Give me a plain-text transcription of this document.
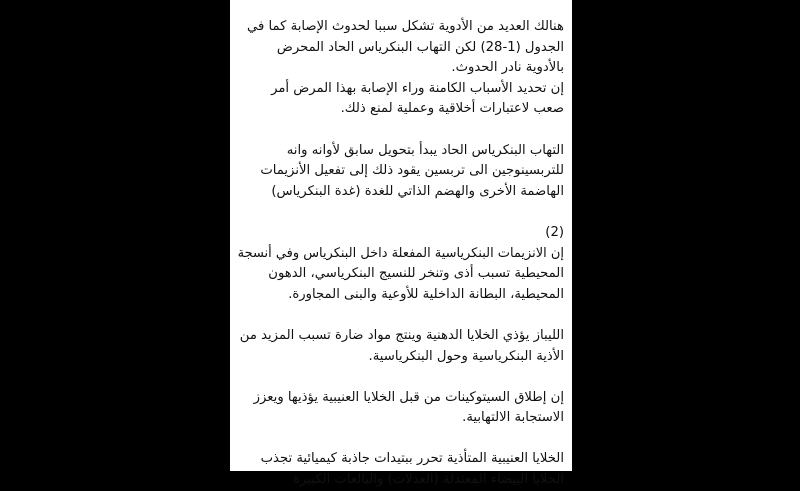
هنالك العديد من الأدوية تشكل سببا لحدوث الإصابة كما في
الجدول (1-28) لكن التهاب البنكرياس الحاد المحرض
بالأدوية نادر الحدوث.
إن تحديد الأسباب الكامنة وراء الإصابة بهذا المرض أمر
صعب لاعتبارات أخلاقية وعملية لمنع ذلك.
التهاب البنكرياس الحاد يبدأ بتحويل سابق لأوانه وانه
للتربسينوجين الى تربسين يقود ذلك إلى تفعيل الأنزيمات
الهاضمة الأخرى والهضم الذاتي للغدة (غدة البنكرياس)
(2)
إن الانزيمات البنكرياسية المفعلة داخل البنكرياس وفي أنسجة
المحيطية تسبب أذى وتنخر للنسيج البنكرياسي، الدهون
المحيطية، البطانة الداخلية للأوعية والبنى المجاورة.
الليباز يؤذي الخلايا الدهنية وينتج مواد ضارة تسبب المزيد من
الأذية البنكرياسية وحول البنكرياسية.
إن إطلاق السيتوكينات من قبل الخلايا العنيبية يؤذيها ويعزز
الاستجابة الالتهابية.
الخلايا العنيبية المتأذية تحرر ببتيدات جاذبة كيميائية تجذب
الخلايا البيضاء المعتدلة (العدلات) والبالعات الكبيرة
